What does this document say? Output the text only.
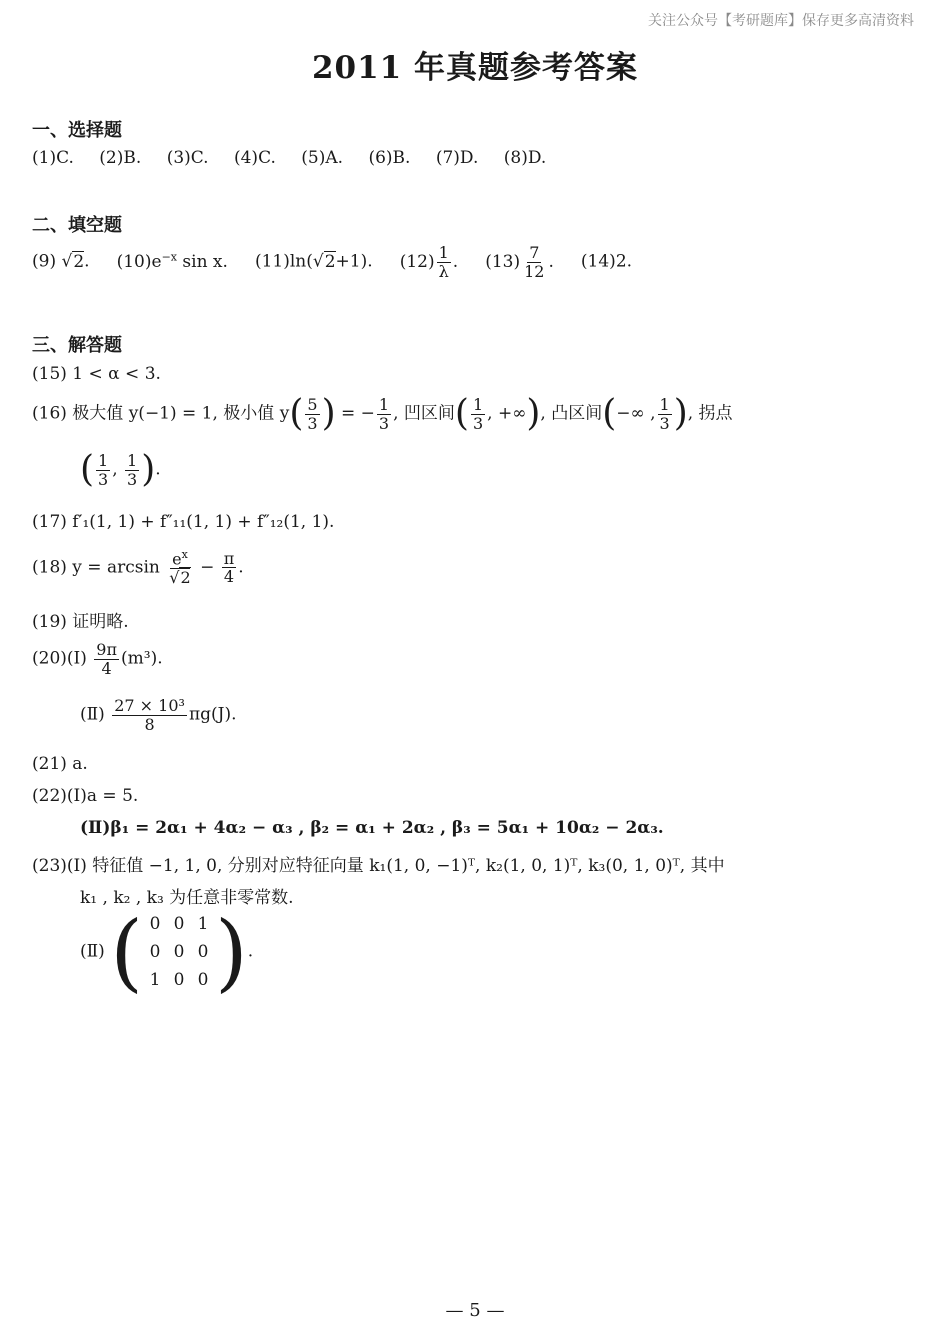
关注公众号【考研题库】保存更多高清资料
2011 年真题参考答案
一、选择题
(1)C. (2)B. (3)C. (4)C. (5)A. (6)B. (7)D. (8)D.
二、填空题
(9) √2. $(10)e^{-x}$ sin x. (11)ln(√2+1). $(12) \frac{1}{\lambda}$ . $(13) \frac{7}{12}$ . (14)2.
三、解答题
(15) 1 < α < 3.
(16) 极大值 y(−1) = 1, 极小值 $y( \frac{5}{3}$ ) = − $\frac{1}{3}$ , 凹区间( $\frac{1}{3}$ , +∞), 凸区间(−∞ , $\frac{1}{3}$ ), 拐点
( $\frac{1}{3}$ , $\frac{1}{3}$ ).
(17) f′₁(1, 1) + f″₁₁(1, 1) + f″₁₂(1, 1).
(18) $y = \arcsin \frac{e^x}{√2} - \frac{\pi}{4}$ .
(19) 证明略.
(20)(Ⅰ) $\frac{9\pi}{4} (m^3)$.
(Ⅱ) $\frac{\text{27 × 10³}}{8} \pi g(J)$.
(21) a.
(22)(Ⅰ)a = 5.
(Ⅱ)β₁ = 2α₁ + 4α₂ − α₃ , β₂ = α₁ + 2α₂ , β₃ = 5α₁ + 10α₂ − 2α₃.
(23)(Ⅰ) 特征值 −1, 1, 0, 分别对应特征向量 k₁(1, 0, −1)ᵀ, k₂(1, 0, 1)ᵀ, k₃(0, 1, 0)ᵀ, 其中
k₁ , k₂ , k₃ 为任意非零常数.
(Ⅱ) ( 0 0 1
0 0 0
1 0 0 ).
— 5 —
